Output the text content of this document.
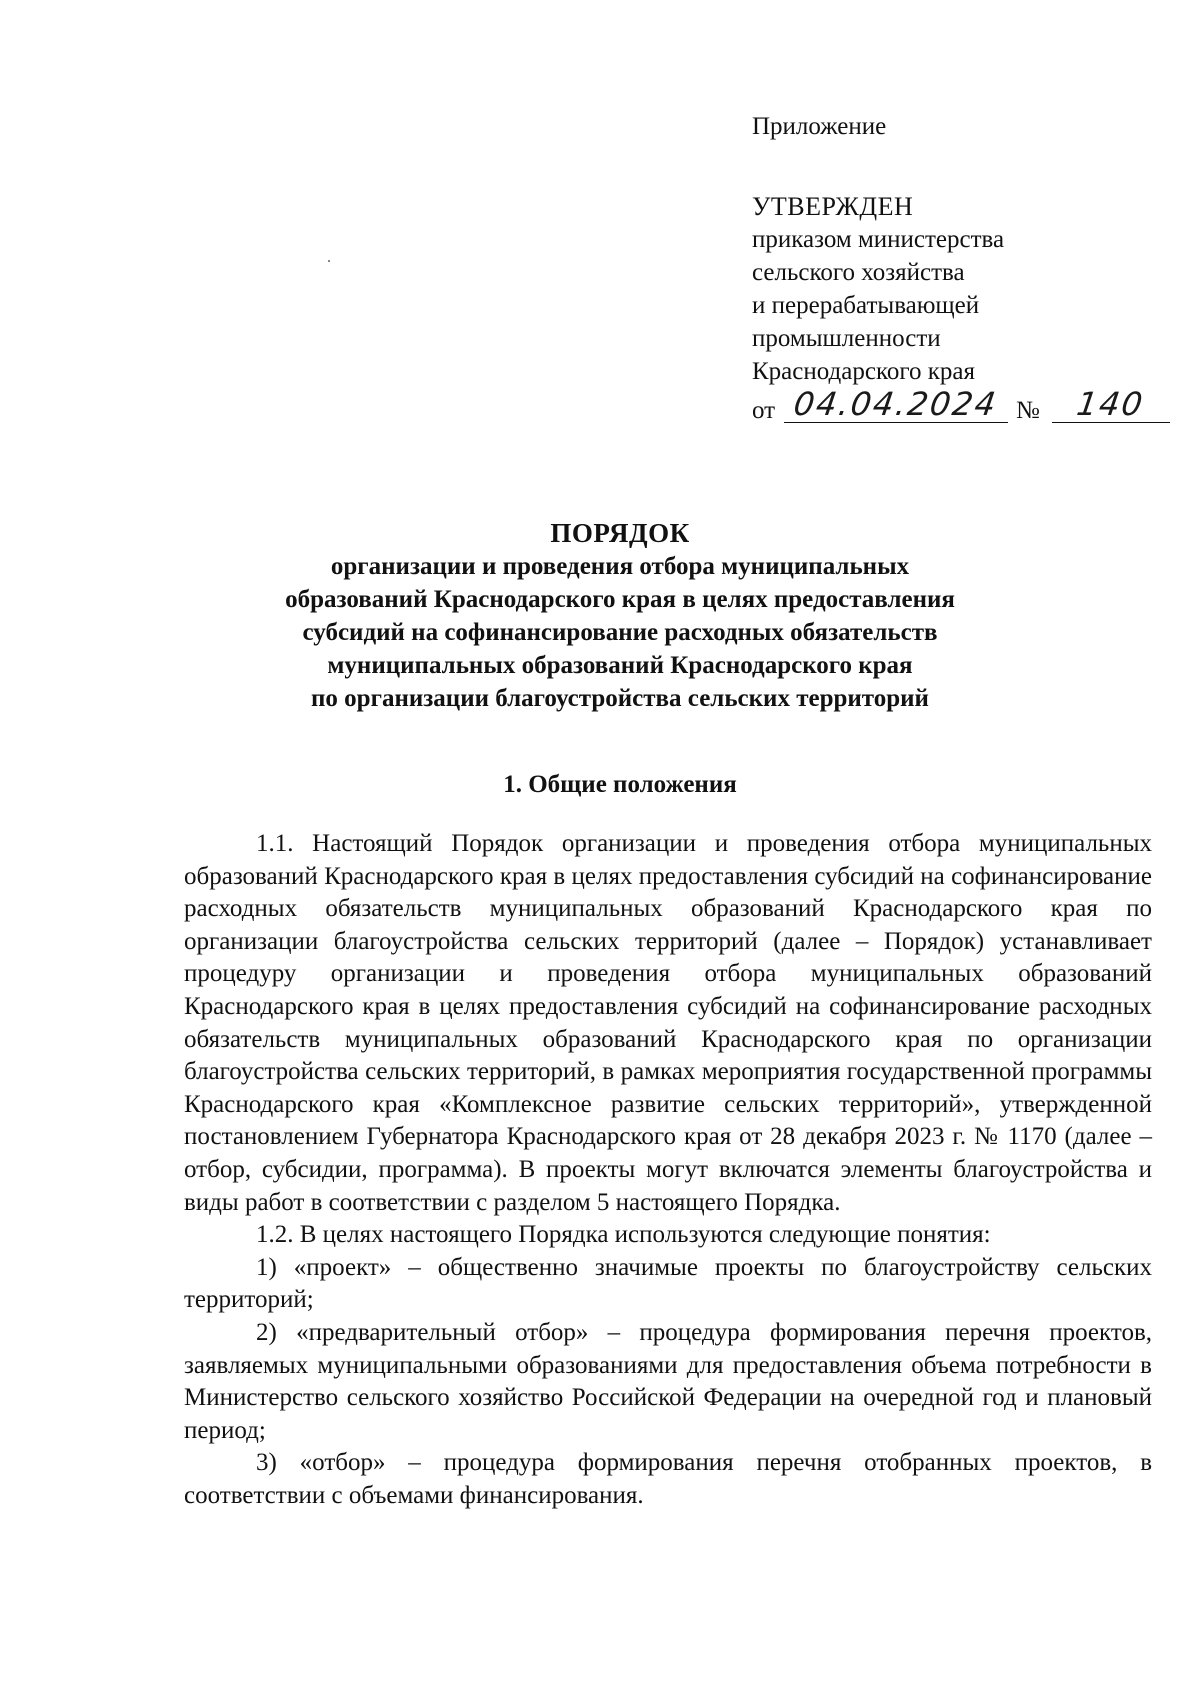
Приложение
УТВЕРЖДЕН
приказом министерства
сельского хозяйства
и перерабатывающей
промышленности
Краснодарского края
от 04.04.2024 №	140
ПОРЯДОК
организации и проведения отбора муниципальных
образований Краснодарского края в целях предоставления
субсидий на софинансирование расходных обязательств
муниципальных образований Краснодарского края
по организации благоустройства сельских территорий
1. Общие положения

1.1. Настоящий Порядок организации и проведения отбора муниципальных образований Краснодарского края в целях предоставления субсидий на софинансирование расходных обязательств муниципальных образований Краснодарского края по организации благоустройства сельских территорий (далее – Порядок) устанавливает процедуру организации и проведения отбора муниципальных образований Краснодарского края в целях предоставления субсидий на софинансирование расходных обязательств муниципальных образований Краснодарского края по организации благоустройства сельских территорий, в рамках мероприятия государственной программы Краснодарского края «Комплексное развитие сельских территорий», утвержденной постановлением Губернатора Краснодарского края от 28 декабря 2023 г. № 1170 (далее – отбор, субсидии, программа). В проекты могут включатся элементы благоустройства и виды работ в соответствии с разделом 5 настоящего Порядка.

1.2. В целях настоящего Порядка используются следующие понятия:

1) «проект» – общественно значимые проекты по благоустройству сельских территорий;

2) «предварительный отбор» – процедура формирования перечня проектов, заявляемых муниципальными образованиями для предоставления объема потребности в Министерство сельского хозяйство Российской Федерации на очередной год и плановый период;

3) «отбор» – процедура формирования перечня отобранных проектов, в соответствии с объемами финансирования.
